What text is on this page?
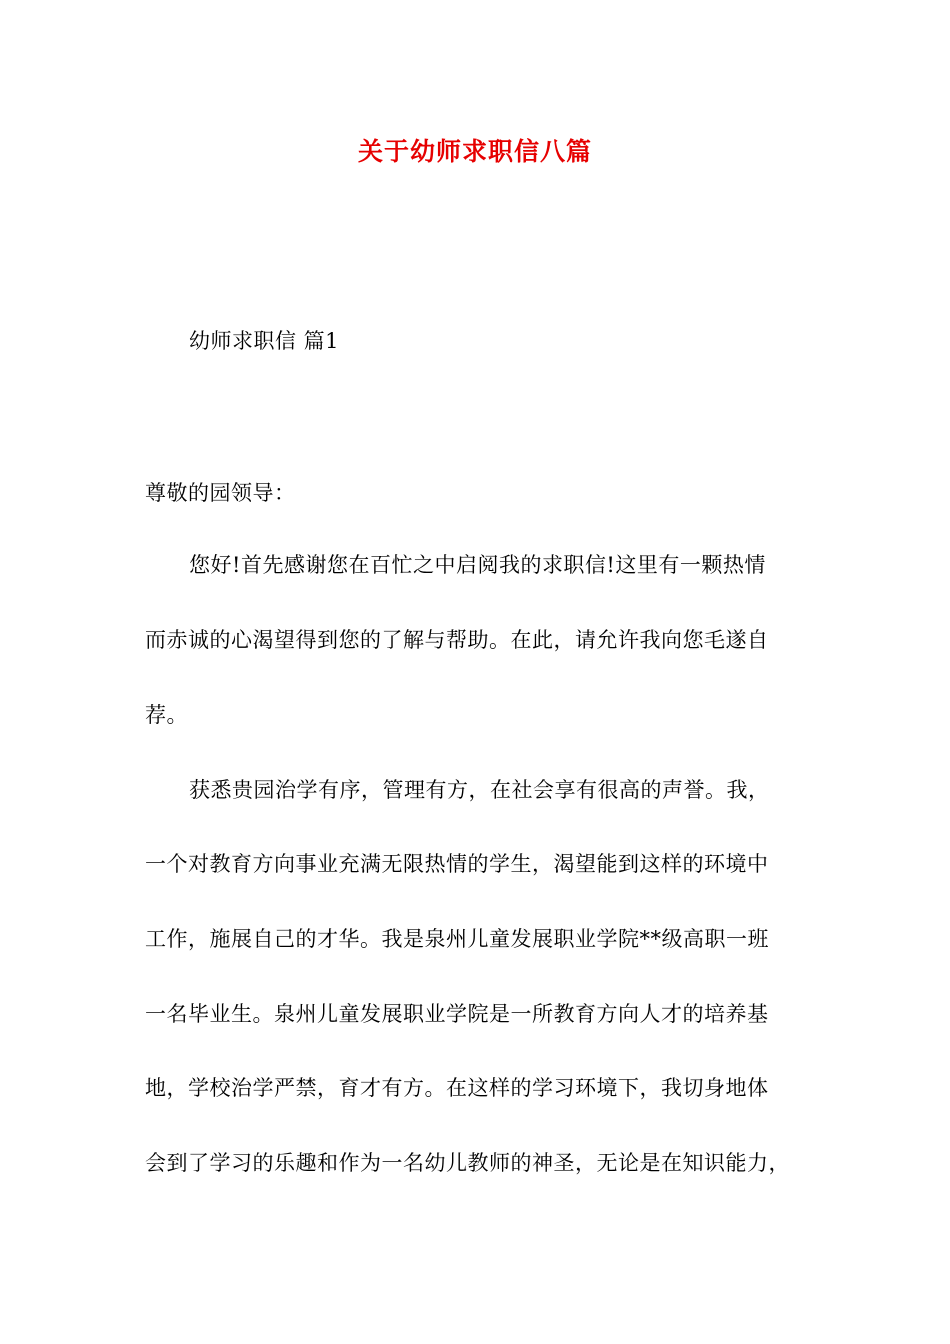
关于幼师求职信八篇
幼师求职信 篇1
尊敬的园领导：
您好!首先感谢您在百忙之中启阅我的求职信!这里有一颗热情
而赤诚的心渴望得到您的了解与帮助。在此，请允许我向您毛遂自
荐。
获悉贵园治学有序，管理有方，在社会享有很高的声誉。我，
一个对教育方向事业充满无限热情的学生，渴望能到这样的环境中
工作，施展自己的才华。我是泉州儿童发展职业学院**级高职一班
一名毕业生。泉州儿童发展职业学院是一所教育方向人才的培养基
地，学校治学严禁，育才有方。在这样的学习环境下，我切身地体
会到了学习的乐趣和作为一名幼儿教师的神圣，无论是在知识能力，
